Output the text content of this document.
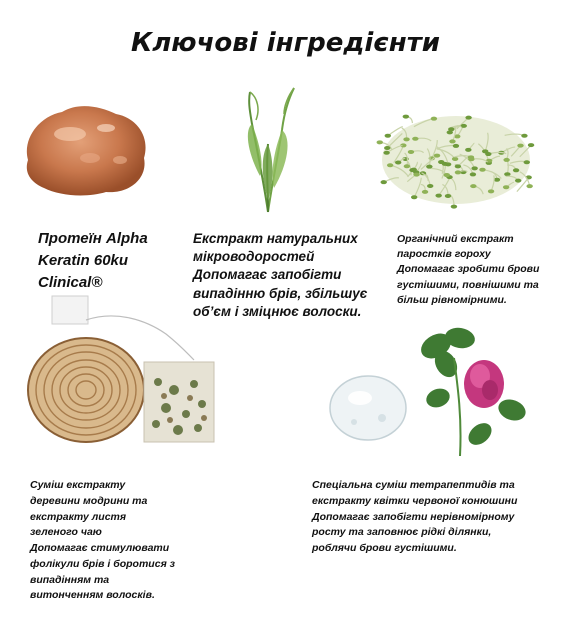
Ключові інгредієнти
Протеїн Alpha
Keratin 60ku
Clinical®
Екстракт натуральних
мікроводоростей
Допомагає запобігти
випадінню брів, збільшує
об’єм і зміцнює волоски.
Органічний екстракт
паростків гороху
Допомагає зробити брови
густішими, повнішими та
більш рівномірними.
Суміш екстракту
деревини модрини та
екстракту листя
зеленого чаю
Допомагає стимулювати
фолікули брів і боротися з
випадінням та
витонченням волосків.
Спеціальна суміш тетрапептидів та
екстракту квітки червоної конюшини
Допомагає запобігти нерівномірному
росту та заповнює рідкі ділянки,
роблячи брови густішими.
